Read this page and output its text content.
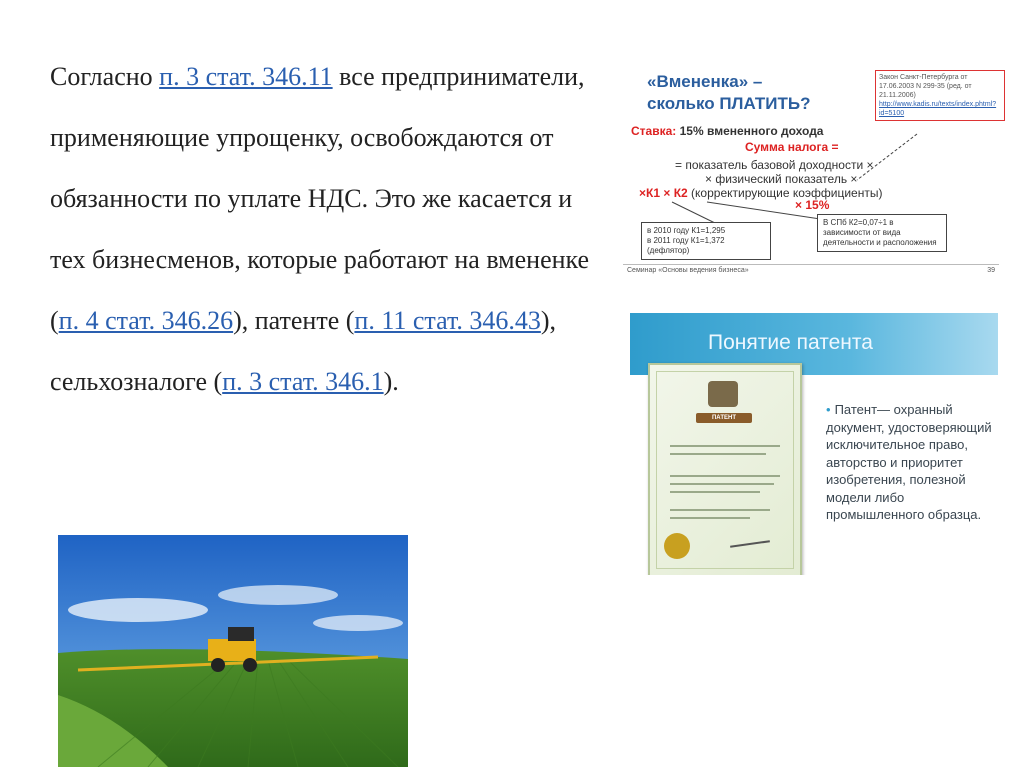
Согласно п. 3 стат. 346.11 все предприниматели, применяющие упрощенку, освобождаются от обязанности по уплате НДС. Это же касается и тех бизнесменов, которые работают на вмененке (п. 4 стат. 346.26), патенте (п. 11 стат. 346.43), сельхозналоге (п. 3 стат. 346.1).
«Вмененка» –
сколько ПЛАТИТЬ?
Закон Санкт-Петербурга от 17.06.2003 N 299-35 (ред. от 21.11.2006)
http://www.kadis.ru/texts/index.phtml?id=5100
Ставка: 15% вмененного дохода
Сумма налога =
= показатель базовой доходности ×
× физический показатель ×
×К1 × К2 (корректирующие коэффициенты)
× 15%
в 2010 году К1=1,295
в 2011 году К1=1,372
(дефлятор)
В СПб К2=0,07÷1 в зависимости от вида деятельности и расположения
Семинар «Основы ведения бизнеса»	39
Понятие патента
ПАТЕНТ
• Патент— охранный документ, удостоверяющий исключительное право, авторство и приоритет изобретения, полезной модели либо промышленного образца.
